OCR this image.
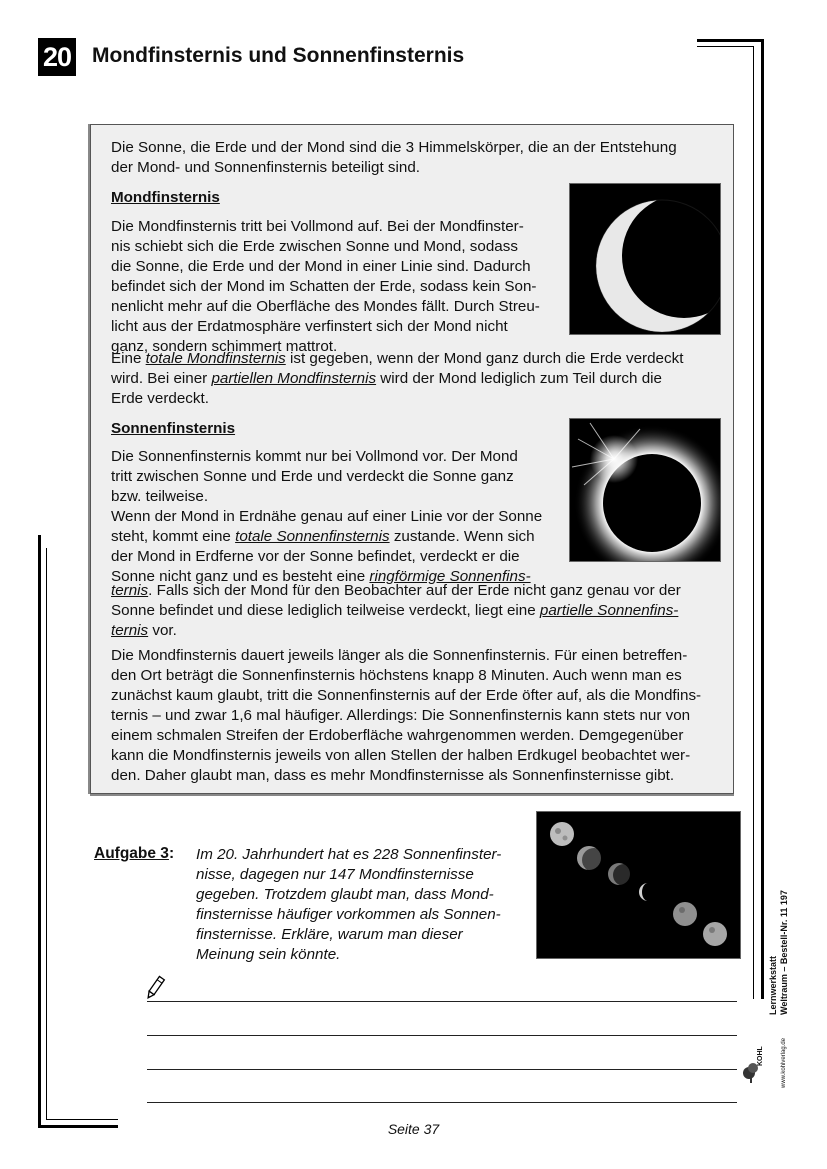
20 Mondfinsternis und Sonnenfinsternis
Die Sonne, die Erde und der Mond sind die 3 Himmelskörper, die an der Entstehung
der Mond- und Sonnenfinsternis beteiligt sind.
Mondfinsternis
Die Mondfinsternis tritt bei Vollmond auf. Bei der Mondfinster-
nis schiebt sich die Erde zwischen Sonne und Mond, sodass
die Sonne, die Erde und der Mond in einer Linie sind. Dadurch
befindet sich der Mond im Schatten der Erde, sodass kein Son-
nenlicht mehr auf die Oberfläche des Mondes fällt. Durch Streu-
licht aus der Erdatmosphäre verfinstert sich der Mond nicht
ganz, sondern schimmert mattrot.
Eine totale Mondfinsternis ist gegeben, wenn der Mond ganz durch die Erde verdeckt
wird. Bei einer partiellen Mondfinsternis wird der Mond lediglich zum Teil durch die
Erde verdeckt.
Sonnenfinsternis
Die Sonnenfinsternis kommt nur bei Vollmond vor. Der Mond
tritt zwischen Sonne und Erde und verdeckt die Sonne ganz
bzw. teilweise.
Wenn der Mond in Erdnähe genau auf einer Linie vor der Sonne
steht, kommt eine totale Sonnenfinsternis zustande. Wenn sich
der Mond in Erdferne vor der Sonne befindet, verdeckt er die
Sonne nicht ganz und es besteht eine ringförmige Sonnenfins-
ternis. Falls sich der Mond für den Beobachter auf der Erde nicht ganz genau vor der
Sonne befindet und diese lediglich teilweise verdeckt, liegt eine partielle Sonnenfins-
ternis vor.
Die Mondfinsternis dauert jeweils länger als die Sonnenfinsternis. Für einen betreffen-
den Ort beträgt die Sonnenfinsternis höchstens knapp 8 Minuten. Auch wenn man es
zunächst kaum glaubt, tritt die Sonnenfinsternis auf der Erde öfter auf, als die Mondfins-
ternis – und zwar 1,6 mal häufiger. Allerdings: Die Sonnenfinsternis kann stets nur von
einem schmalen Streifen der Erdoberfläche wahrgenommen werden. Demgegenüber
kann die Mondfinsternis jeweils von allen Stellen der halben Erdkugel beobachtet wer-
den. Daher glaubt man, dass es mehr Mondfinsternisse als Sonnenfinsternisse gibt.
Aufgabe 3: Im 20. Jahrhundert hat es 228 Sonnenfinster-
nisse, dagegen nur 147 Mondfinsternisse
gegeben. Trotzdem glaubt man, dass Mond-
finsternisse häufiger vorkommen als Sonnen-
finsternisse. Erkläre, warum man dieser
Meinung sein könnte.
Lernwerkstatt Weltraum – Bestell-Nr. 11 197
KOHL	www.kohlverlag.de
Seite 37
